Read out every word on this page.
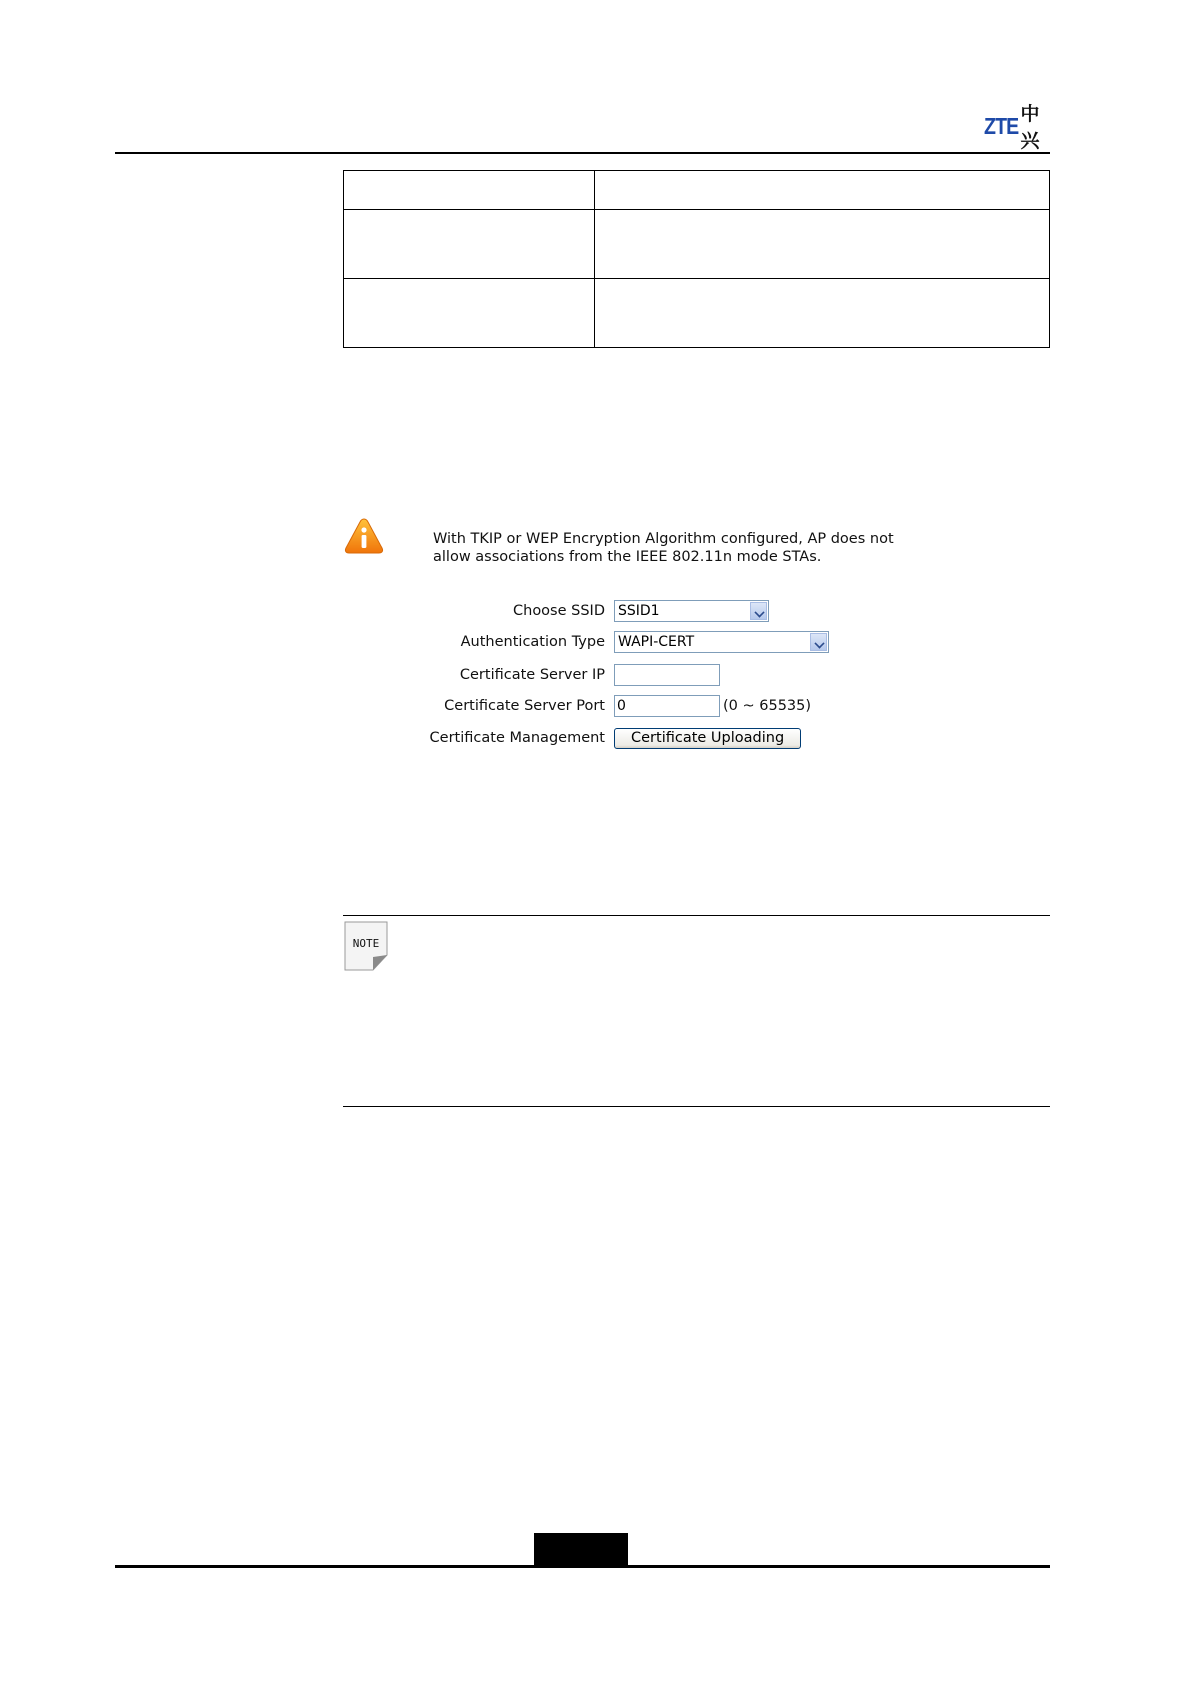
ZTE 中兴

With TKIP or WEP Encryption Algorithm configured, AP does not
allow associations from the IEEE 802.11n mode STAs.
Choose SSID SSID1
Authentication Type WAPI-CERT
Certificate Server IP
Certificate Server Port 0	(0 ~ 65535)
Certificate Management	Certificate Uploading
NOTE
